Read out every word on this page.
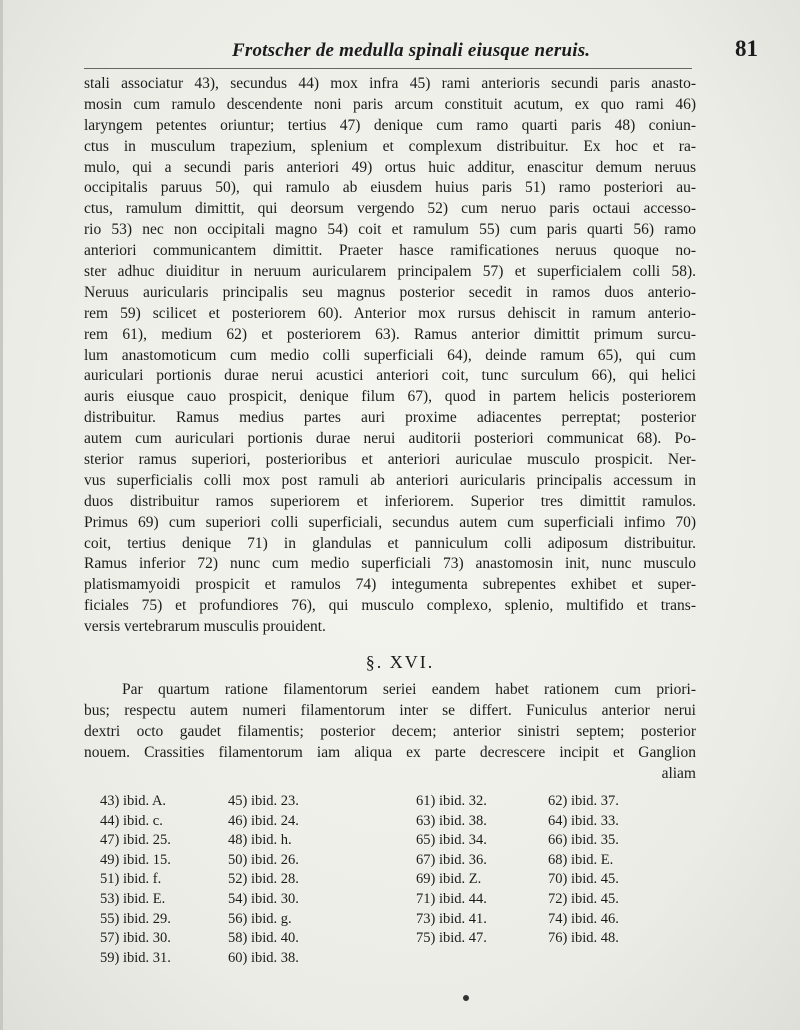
Frotscher de medulla spinali eiusque neruis.	81
stali associatur 43), secundus 44) mox infra 45) rami anterioris secundi paris anasto-
mosin cum ramulo descendente noni paris arcum constituit acutum, ex quo rami 46)
laryngem petentes oriuntur; tertius 47) denique cum ramo quarti paris 48) coniun-
ctus in musculum trapezium, splenium et complexum distribuitur. Ex hoc et ra-
mulo, qui a secundi paris anteriori 49) ortus huic additur, enascitur demum neruus
occipitalis paruus 50), qui ramulo ab eiusdem huius paris 51) ramo posteriori au-
ctus, ramulum dimittit, qui deorsum vergendo 52) cum neruo paris octaui accesso-
rio 53) nec non occipitali magno 54) coit et ramulum 55) cum paris quarti 56) ramo
anteriori communicantem dimittit. Praeter hasce ramificationes neruus quoque no-
ster adhuc diuiditur in neruum auricularem principalem 57) et superficialem colli 58).
Neruus auricularis principalis seu magnus posterior secedit in ramos duos anterio-
rem 59) scilicet et posteriorem 60). Anterior mox rursus dehiscit in ramum anterio-
rem 61), medium 62) et posteriorem 63). Ramus anterior dimittit primum surcu-
lum anastomoticum cum medio colli superficiali 64), deinde ramum 65), qui cum
auriculari portionis durae nerui acustici anteriori coit, tunc surculum 66), qui helici
auris eiusque cauo prospicit, denique filum 67), quod in partem helicis posteriorem
distribuitur. Ramus medius partes auri proxime adiacentes perreptat; posterior
autem cum auriculari portionis durae nerui auditorii posteriori communicat 68). Po-
sterior ramus superiori, posterioribus et anteriori auriculae musculo prospicit. Ner-
vus superficialis colli mox post ramuli ab anteriori auricularis principalis accessum in
duos distribuitur ramos superiorem et inferiorem. Superior tres dimittit ramulos.
Primus 69) cum superiori colli superficiali, secundus autem cum superficiali infimo 70)
coit, tertius denique 71) in glandulas et panniculum colli adiposum distribuitur.
Ramus inferior 72) nunc cum medio superficiali 73) anastomosin init, nunc musculo
platismamyoidi prospicit et ramulos 74) integumenta subrepentes exhibet et super-
ficiales 75) et profundiores 76), qui musculo complexo, splenio, multifido et trans-
versis vertebrarum musculis prouident.
§. XVI.
Par quartum ratione filamentorum seriei eandem habet rationem cum priori-
bus; respectu autem numeri filamentorum inter se differt. Funiculus anterior nerui
dextri octo gaudet filamentis; posterior decem; anterior sinistri septem; posterior
nouem. Crassities filamentorum iam aliqua ex parte decrescere incipit et Ganglion
aliam
43) ibid. A.
44) ibid. c.
47) ibid. 25.
49) ibid. 15.
51) ibid. f.
53) ibid. E.
55) ibid. 29.
57) ibid. 30.
59) ibid. 31.
45) ibid. 23.
46) ibid. 24.
48) ibid. h.
50) ibid. 26.
52) ibid. 28.
54) ibid. 30.
56) ibid. g.
58) ibid. 40.
60) ibid. 38.
61) ibid. 32.
63) ibid. 38.
65) ibid. 34.
67) ibid. 36.
69) ibid. Z.
71) ibid. 44.
73) ibid. 41.
75) ibid. 47.
62) ibid. 37.
64) ibid. 33.
66) ibid. 35.
68) ibid. E.
70) ibid. 45.
72) ibid. 45.
74) ibid. 46.
76) ibid. 48.
